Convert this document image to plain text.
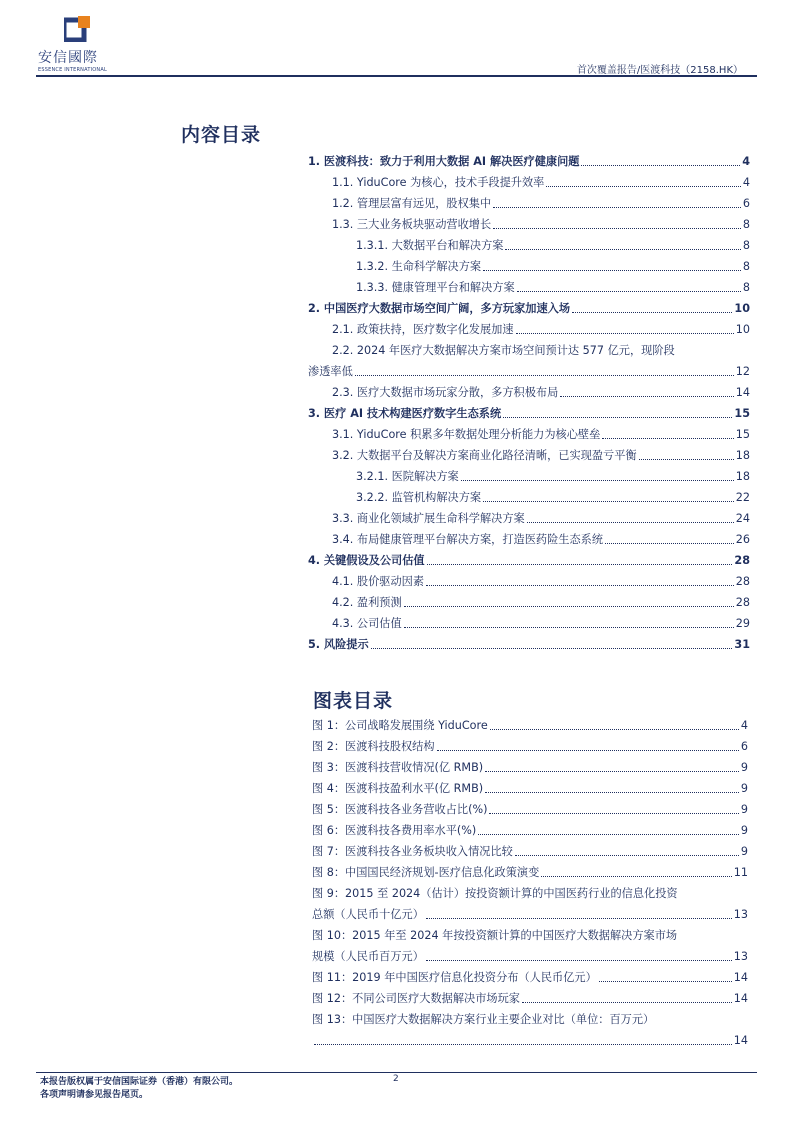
安信國際
ESSENCE INTERNATIONAL	首次覆盖报告/医渡科技（2158.HK）
内容目录
1. 医渡科技：致力于利用大数据 AI 解决医疗健康问题	4
1.1. YiduCore 为核心，技术手段提升效率	4
1.2. 管理层富有远见，股权集中	6
1.3. 三大业务板块驱动营收增长	8
1.3.1. 大数据平台和解决方案	8
1.3.2. 生命科学解决方案	8
1.3.3. 健康管理平台和解决方案	8
2. 中国医疗大数据市场空间广阔，多方玩家加速入场	10
2.1. 政策扶持，医疗数字化发展加速	10
2.2. 2024 年医疗大数据解决方案市场空间预计达 577 亿元，现阶段
渗透率低	12
2.3. 医疗大数据市场玩家分散，多方积极布局	14
3. 医疗 AI 技术构建医疗数字生态系统	15
3.1. YiduCore 积累多年数据处理分析能力为核心壁垒	15
3.2. 大数据平台及解决方案商业化路径清晰，已实现盈亏平衡	18
3.2.1. 医院解决方案	18
3.2.2. 监管机构解决方案	22
3.3. 商业化领域扩展生命科学解决方案	24
3.4. 布局健康管理平台解决方案，打造医药险生态系统	26
4. 关键假设及公司估值	28
4.1. 股价驱动因素	28
4.2. 盈利预测	28
4.3. 公司估值	29
5. 风险提示	31
图表目录
图 1：公司战略发展围绕 YiduCore	4
图 2：医渡科技股权结构	6
图 3：医渡科技营收情况(亿 RMB)	9
图 4：医渡科技盈利水平(亿 RMB)	9
图 5：医渡科技各业务营收占比(%)	9
图 6：医渡科技各费用率水平(%)	9
图 7：医渡科技各业务板块收入情况比较	9
图 8：中国国民经济规划-医疗信息化政策演变	11
图 9：2015 至 2024（估计）按投资额计算的中国医药行业的信息化投资
总额（人民币十亿元）	13
图 10：2015 年至 2024 年按投资额计算的中国医疗大数据解决方案市场
规模（人民币百万元）	13
图 11：2019 年中国医疗信息化投资分布（人民币亿元）	14
图 12：不同公司医疗大数据解决市场玩家	14
图 13：中国医疗大数据解决方案行业主要企业对比（单位：百万元）
14
本报告版权属于安信国际证券（香港）有限公司。
各项声明请参见报告尾页。
2
